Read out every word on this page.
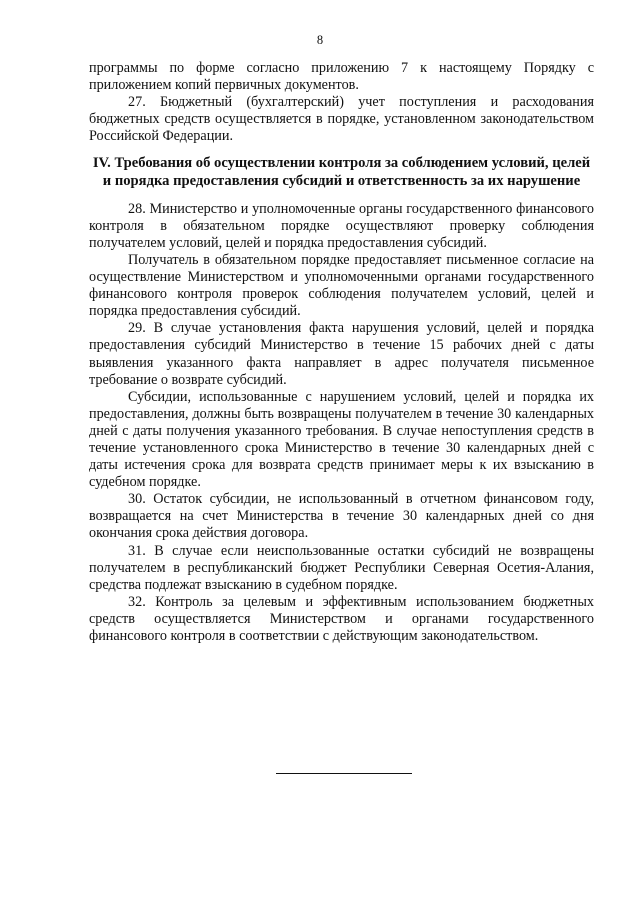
8

программы по форме согласно приложению 7 к настоящему Порядку с приложением копий первичных документов.

27. Бюджетный (бухгалтерский) учет поступления и расходования бюджетных средств осуществляется в порядке, установленном законодательством Российской Федерации.

IV. Требования об осуществлении контроля за соблюдением условий, целей и порядка предоставления субсидий и ответственность за их нарушение

28. Министерство и уполномоченные органы государственного финансового контроля в обязательном порядке осуществляют проверку соблюдения получателем условий, целей и порядка предоставления субсидий.

Получатель в обязательном порядке предоставляет письменное согласие на осуществление Министерством и уполномоченными органами государственного финансового контроля проверок соблюдения получателем условий, целей и порядка предоставления субсидий.

29. В случае установления факта нарушения условий, целей и порядка предоставления субсидий Министерство в течение 15 рабочих дней с даты выявления указанного факта направляет в адрес получателя письменное требование о возврате субсидий.

Субсидии, использованные с нарушением условий, целей и порядка их предоставления, должны быть возвращены получателем в течение 30 календарных дней с даты получения указанного требования. В случае непоступления средств в течение установленного срока Министерство в течение 30 календарных дней с даты истечения срока для возврата средств принимает меры к их взысканию в судебном порядке.

30. Остаток субсидии, не использованный в отчетном финансовом году, возвращается на счет Министерства в течение 30 календарных дней со дня окончания срока действия договора.

31. В случае если неиспользованные остатки субсидий не возвращены получателем в республиканский бюджет Республики Северная Осетия-Алания, средства подлежат взысканию в судебном порядке.

32. Контроль за целевым и эффективным использованием бюджетных средств осуществляется Министерством и органами государственного финансового контроля в соответствии с действующим законодательством.
